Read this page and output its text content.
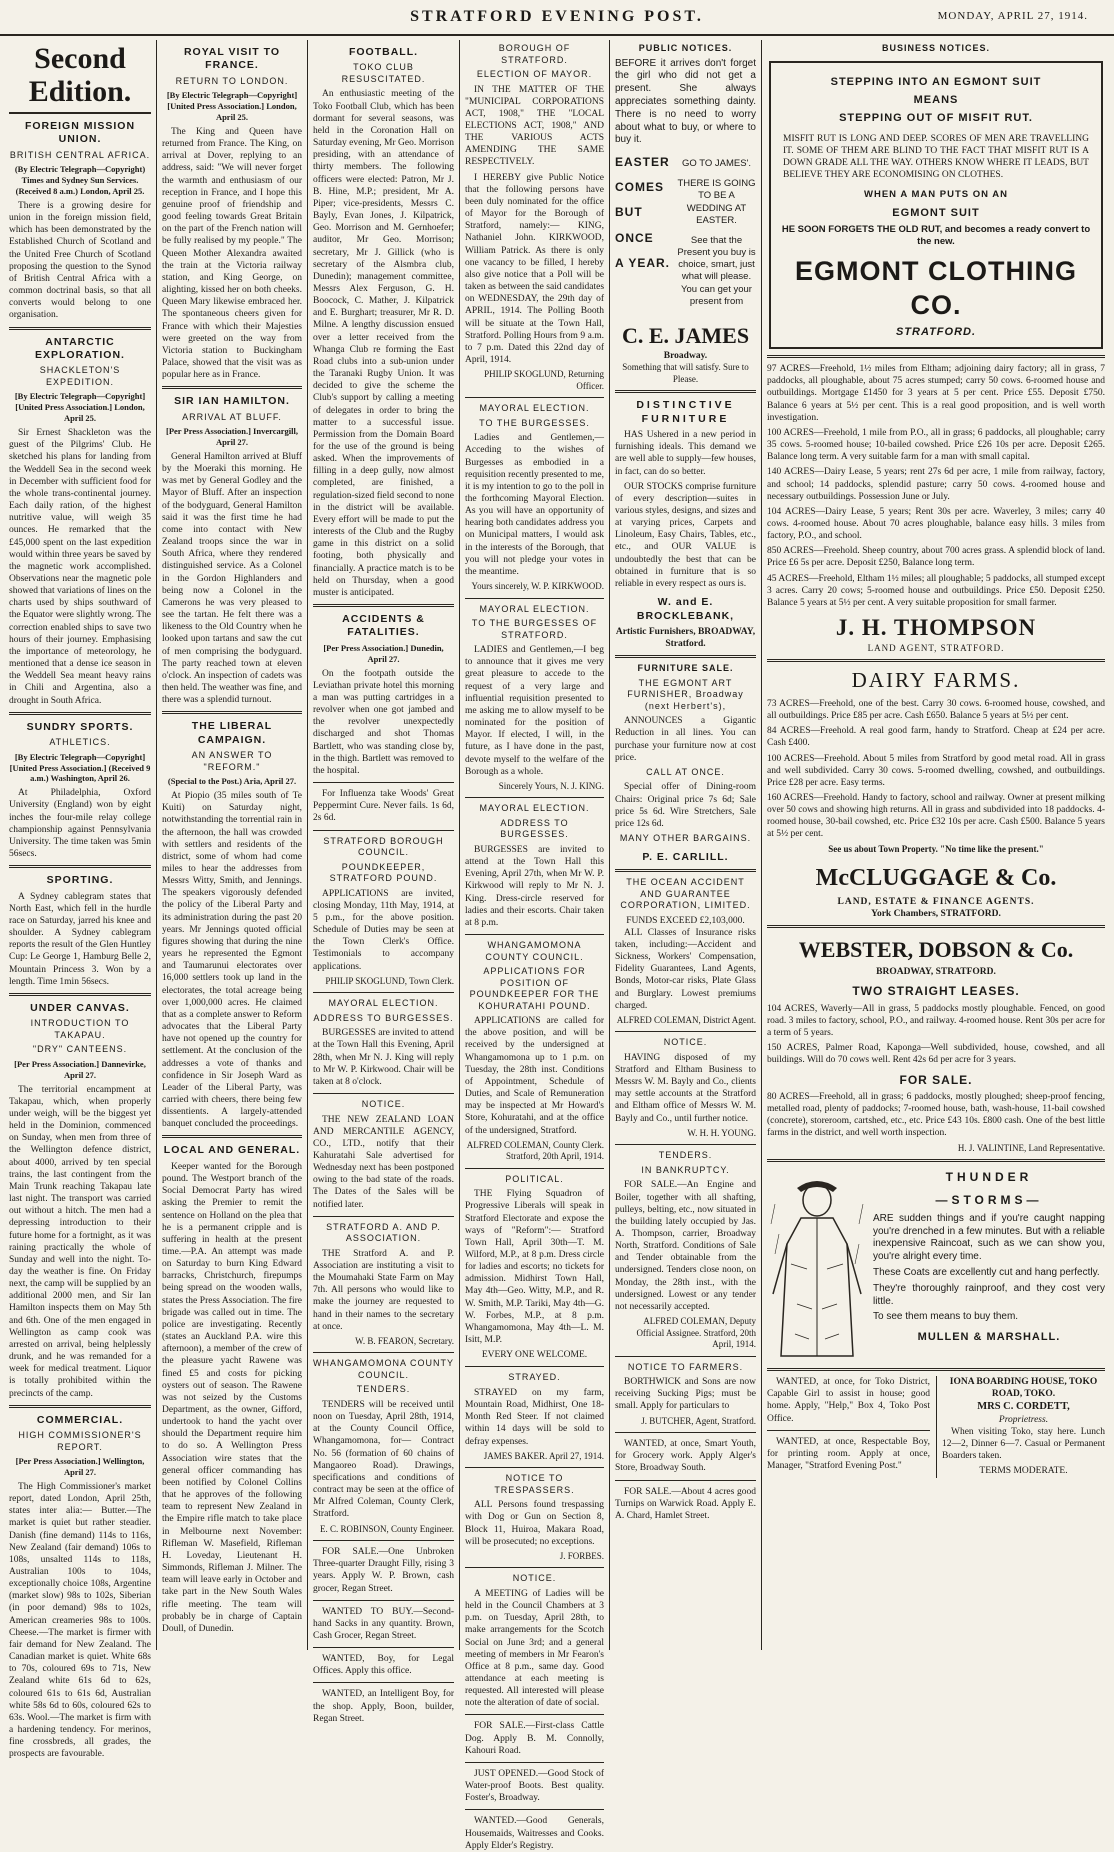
STRATFORD EVENING POST.	MONDAY, APRIL 27, 1914.
Second Edition.
FOREIGN MISSION UNION.
BRITISH CENTRAL AFRICA.
(By Electric Telegraph—Copyright) Times and Sydney Sun Services. (Received 8 a.m.) London, April 25.

There is a growing desire for union in the foreign mission field, which has been demonstrated by the Established Church of Scotland and the United Free Church of Scotland proposing the question to the Synod of British Central Africa with a common doctrinal basis, so that all converts would belong to one organisation.

ANTARCTIC EXPLORATION.
SHACKLETON'S EXPEDITION.
[By Electric Telegraph—Copyright] [United Press Association.] London, April 25.

Sir Ernest Shackleton was the guest of the Pilgrims' Club. He sketched his plans for landing from the Weddell Sea in the second week in December with sufficient food for the whole trans-continental journey. Each daily ration, of the highest nutritive value, will weigh 35 ounces. He remarked that the £45,000 spent on the last expedition would within three years be saved by the magnetic work accomplished. Observations near the magnetic pole showed that variations of lines on the charts used by ships southward of the Equator were slightly wrong. The correction enabled ships to save two hours of their journey. Emphasising the importance of meteorology, he mentioned that a dense ice season in the Weddell Sea meant heavy rains in Chili and Argentina, also a drought in South Africa.

SUNDRY SPORTS.
ATHLETICS.
[By Electric Telegraph—Copyright] [United Press Association.] (Received 9 a.m.) Washington, April 26.

At Philadelphia, Oxford University (England) won by eight inches the four-mile relay college championship against Pennsylvania University. The time taken was 5min 56secs.

SPORTING.

A Sydney cablegram states that North East, which fell in the hurdle race on Saturday, jarred his knee and shoulder. A Sydney cablegram reports the result of the Glen Huntley Cup: Le George 1, Hamburg Belle 2, Mountain Princess 3. Won by a length. Time 1min 56secs.

UNDER CANVAS.
INTRODUCTION TO TAKAPAU.
"DRY" CANTEENS.
[Per Press Association.] Dannevirke, April 27.

The territorial encampment at Takapau, which, when properly under weigh, will be the biggest yet held in the Dominion, commenced on Sunday, when men from three of the Wellington defence district, about 4000, arrived by ten special trains, the last contingent from the Main Trunk reaching Takapau late last night. The transport was carried out without a hitch. The men had a depressing introduction to their future home for a fortnight, as it was raining practically the whole of Sunday and well into the night. To-day the weather is fine. On Friday next, the camp will be supplied by an additional 2000 men, and Sir Ian Hamilton inspects them on May 5th and 6th. One of the men engaged in Wellington as camp cook was arrested on arrival, being helplessly drunk, and he was remanded for a week for medical treatment. Liquor is totally prohibited within the precincts of the camp.

COMMERCIAL.
HIGH COMMISSIONER'S REPORT.
[Per Press Association.] Wellington, April 27.

The High Commissioner's market report, dated London, April 25th, states inter alia:— Butter.—The market is quiet but rather steadier. Danish (fine demand) 114s to 116s, New Zealand (fair demand) 106s to 108s, unsalted 114s to 118s, Australian 100s to 104s, exceptionally choice 108s, Argentine (market slow) 98s to 102s, Siberian (in poor demand) 98s to 102s, American creameries 98s to 100s. Cheese.—The market is firmer with fair demand for New Zealand. The Canadian market is quiet. White 68s to 70s, coloured 69s to 71s, New Zealand white 61s 6d to 62s, coloured 61s to 61s 6d, Australian white 58s 6d to 60s, coloured 62s to 63s. Wool.—The market is firm with a hardening tendency. For merinos, fine crossbreds, all grades, the prospects are favourable.

ROYAL VISIT TO FRANCE.
RETURN TO LONDON.
[By Electric Telegraph—Copyright] [United Press Association.] London, April 25.

The King and Queen have returned from France. The King, on arrival at Dover, replying to an address, said: "We will never forget the warmth and enthusiasm of our reception in France, and I hope this genuine proof of friendship and good feeling towards Great Britain on the part of the French nation will be fully realised by my people." The Queen Mother Alexandra awaited the train at the Victoria railway station, and King George, on alighting, kissed her on both cheeks. Queen Mary likewise embraced her. The spontaneous cheers given for France with which their Majesties were greeted on the way from Victoria station to Buckingham Palace, showed that the visit was as popular here as in France.

SIR IAN HAMILTON.
ARRIVAL AT BLUFF.
[Per Press Association.] Invercargill, April 27.

General Hamilton arrived at Bluff by the Moeraki this morning. He was met by General Godley and the Mayor of Bluff. After an inspection of the bodyguard, General Hamilton said it was the first time he had come into contact with New Zealand troops since the war in South Africa, where they rendered distinguished service. As a Colonel in the Gordon Highlanders and being now a Colonel in the Camerons he was very pleased to see the tartan. He felt there was a likeness to the Old Country when he looked upon tartans and saw the cut of men comprising the bodyguard. The party reached town at eleven o'clock. An inspection of cadets was then held. The weather was fine, and there was a splendid turnout.

THE LIBERAL CAMPAIGN.
AN ANSWER TO "REFORM."
(Special to the Post.) Aria, April 27.

At Piopio (35 miles south of Te Kuiti) on Saturday night, notwithstanding the torrential rain in the afternoon, the hall was crowded with settlers and residents of the district, some of whom had come miles to hear the addresses from Messrs Witty, Smith, and Jennings. The speakers vigorously defended the policy of the Liberal Party and its administration during the past 20 years. Mr Jennings quoted official figures showing that during the nine years he represented the Egmont and Taumarunui electorates over 16,000 settlers took up land in the electorates, the total acreage being over 1,000,000 acres. He claimed that as a complete answer to Reform advocates that the Liberal Party have not opened up the country for settlement. At the conclusion of the addresses a vote of thanks and confidence in Sir Joseph Ward as Leader of the Liberal Party, was carried with cheers, there being few dissentients. A largely-attended banquet concluded the proceedings.

LOCAL AND GENERAL.

Keeper wanted for the Borough pound. The Westport branch of the Social Democrat Party has wired asking the Premier to remit the sentence on Holland on the plea that he is a permanent cripple and is suffering in health at the present time.—P.A. An attempt was made on Saturday to burn King Edward barracks, Christchurch, firepumps being spread on the wooden walls, states the Press Association. The fire brigade was called out in time. The police are investigating. Recently (states an Auckland P.A. wire this afternoon), a member of the crew of the pleasure yacht Rawene was fined £5 and costs for picking oysters out of season. The Rawene was not seized by the Customs Department, as the owner, Gifford, undertook to hand the yacht over should the Department require him to do so. A Wellington Press Association wire states that the general officer commanding has been notified by Colonel Collins that he approves of the following team to represent New Zealand in the Empire rifle match to take place in Melbourne next November: Rifleman W. Masefield, Rifleman H. Loveday, Lieutenant H. Simmonds, Rifleman J. Milner. The team will leave early in October and take part in the New South Wales rifle meeting. The team will probably be in charge of Captain Doull, of Dunedin.

FOOTBALL.
TOKO CLUB RESUSCITATED.

An enthusiastic meeting of the Toko Football Club, which has been dormant for several seasons, was held in the Coronation Hall on Saturday evening, Mr Geo. Morrison presiding, with an attendance of thirty members. The following officers were elected: Patron, Mr J. B. Hine, M.P.; president, Mr A. Piper; vice-presidents, Messrs C. Bayly, Evan Jones, J. Kilpatrick, Geo. Morrison and M. Gernhoefer; auditor, Mr Geo. Morrison; secretary, Mr J. Gillick (who is secretary of the Alsmbra club, Dunedin); management committee, Messrs Alex Ferguson, G. H. Boocock, C. Mather, J. Kilpatrick and E. Burghart; treasurer, Mr R. D. Milne. A lengthy discussion ensued over a letter received from the Whanga Club re forming the East Road clubs into a sub-union under the Taranaki Rugby Union. It was decided to give the scheme the Club's support by calling a meeting of delegates in order to bring the matter to a successful issue. Permission from the Domain Board for the use of the ground is being asked. When the improvements of filling in a deep gully, now almost completed, are finished, a regulation-sized field second to none in the district will be available. Every effort will be made to put the interests of the Club and the Rugby game in this district on a solid footing, both physically and financially. A practice match is to be held on Thursday, when a good muster is anticipated.

ACCIDENTS & FATALITIES.
[Per Press Association.] Dunedin, April 27.

On the footpath outside the Leviathan private hotel this morning a man was putting cartridges in a revolver when one got jambed and the revolver unexpectedly discharged and shot Thomas Bartlett, who was standing close by, in the thigh. Bartlett was removed to the hospital.

For Influenza take Woods' Great Peppermint Cure. Never fails. 1s 6d, 2s 6d.

STRATFORD BOROUGH COUNCIL.
POUNDKEEPER, STRATFORD POUND.

APPLICATIONS are invited, closing Monday, 11th May, 1914, at 5 p.m., for the above position. Schedule of Duties may be seen at the Town Clerk's Office. Testimonials to accompany applications.

PHILIP SKOGLUND, Town Clerk.
MAYORAL ELECTION.
ADDRESS TO BURGESSES.

BURGESSES are invited to attend at the Town Hall this Evening, April 28th, when Mr N. J. King will reply to Mr W. P. Kirkwood. Chair will be taken at 8 o'clock.

NOTICE.

THE NEW ZEALAND LOAN AND MERCANTILE AGENCY, CO., LTD., notify that their Kahuratahi Sale advertised for Wednesday next has been postponed owing to the bad state of the roads. The Dates of the Sales will be notified later.

STRATFORD A. AND P. ASSOCIATION.

THE Stratford A. and P. Association are instituting a visit to the Moumahaki State Farm on May 7th. All persons who would like to make the journey are requested to hand in their names to the secretary at once.

W. B. FEARON, Secretary.
WHANGAMOMONA COUNTY COUNCIL.
TENDERS.

TENDERS will be received until noon on Tuesday, April 28th, 1914, at the County Council Office, Whangamomona, for— Contract No. 56 (formation of 60 chains of Mangaoreo Road). Drawings, specifications and conditions of contract may be seen at the office of Mr Alfred Coleman, County Clerk, Stratford.

E. C. ROBINSON, County Engineer.

FOR SALE.—One Unbroken Three-quarter Draught Filly, rising 3 years. Apply W. P. Brown, cash grocer, Regan Street.

WANTED TO BUY.—Second-hand Sacks in any quantity. Brown, Cash Grocer, Regan Street.

WANTED, Boy, for Legal Offices. Apply this office.

WANTED, an Intelligent Boy, for the shop. Apply, Boon, builder, Regan Street.

BOROUGH OF STRATFORD.
ELECTION OF MAYOR.

IN THE MATTER OF THE "MUNICIPAL CORPORATIONS ACT, 1908," THE "LOCAL ELECTIONS ACT, 1908," AND THE VARIOUS ACTS AMENDING THE SAME RESPECTIVELY.

I HEREBY give Public Notice that the following persons have been duly nominated for the office of Mayor for the Borough of Stratford, namely:— KING, Nathaniel John. KIRKWOOD, William Patrick. As there is only one vacancy to be filled, I hereby also give notice that a Poll will be taken as between the said candidates on WEDNESDAY, the 29th day of APRIL, 1914. The Polling Booth will be situate at the Town Hall, Stratford. Polling Hours from 9 a.m. to 7 p.m. Dated this 22nd day of April, 1914.

PHILIP SKOGLUND, Returning Officer.
MAYORAL ELECTION.
TO THE BURGESSES.

Ladies and Gentlemen,— Acceding to the wishes of Burgesses as embodied in a requisition recently presented to me, it is my intention to go to the poll in the forthcoming Mayoral Election. As you will have an opportunity of hearing both candidates address you on Municipal matters, I would ask in the interests of the Borough, that you will not pledge your votes in the meantime.

Yours sincerely, W. P. KIRKWOOD.
MAYORAL ELECTION.
TO THE BURGESSES OF STRATFORD.

LADIES and Gentlemen,—I beg to announce that it gives me very great pleasure to accede to the request of a very large and influential requisition presented to me asking me to allow myself to be nominated for the position of Mayor. If elected, I will, in the future, as I have done in the past, devote myself to the welfare of the Borough as a whole.

Sincerely Yours, N. J. KING.
MAYORAL ELECTION.
ADDRESS TO BURGESSES.

BURGESSES are invited to attend at the Town Hall this Evening, April 27th, when Mr W. P. Kirkwood will reply to Mr N. J. King. Dress-circle reserved for ladies and their escorts. Chair taken at 8 p.m.

WHANGAMOMONA COUNTY COUNCIL.
APPLICATIONS FOR POSITION OF POUNDKEEPER FOR THE KOHURATAHI POUND.

APPLICATIONS are called for the above position, and will be received by the undersigned at Whangamomona up to 1 p.m. on Tuesday, the 28th inst. Conditions of Appointment, Schedule of Duties, and Scale of Remuneration may be inspected at Mr Howard's Store, Kohuratahi, and at the office of the undersigned, Stratford.

ALFRED COLEMAN, County Clerk. Stratford, 20th April, 1914.
POLITICAL.

THE Flying Squadron of Progressive Liberals will speak in Stratford Electorate and expose the ways of "Reform":— Stratford Town Hall, April 30th—T. M. Wilford, M.P., at 8 p.m. Dress circle for ladies and escorts; no tickets for admission. Midhirst Town Hall, May 4th—Geo. Witty, M.P., and R. W. Smith, M.P. Tariki, May 4th—G. W. Forbes, M.P., at 8 p.m. Whangamomona, May 4th—L. M. Isitt, M.P.

EVERY ONE WELCOME.
STRAYED.

STRAYED on my farm, Mountain Road, Midhirst, One 18-Month Red Steer. If not claimed within 14 days will be sold to defray expenses.

JAMES BAKER. April 27, 1914.
NOTICE TO TRESPASSERS.

ALL Persons found trespassing with Dog or Gun on Section 8, Block 11, Huiroa, Makara Road, will be prosecuted; no exceptions.

J. FORBES.
NOTICE.

A MEETING of Ladies will be held in the Council Chambers at 3 p.m. on Tuesday, April 28th, to make arrangements for the Scotch Social on June 3rd; and a general meeting of members in Mr Fearon's Office at 8 p.m., same day. Good attendance at each meeting is requested. All interested will please note the alteration of date of social.

FOR SALE.—First-class Cattle Dog. Apply B. M. Connolly, Kahouri Road.

JUST OPENED.—Good Stock of Water-proof Boots. Best quality. Foster's, Broadway.

WANTED.—Good Generals, Housemaids, Waitresses and Cooks. Apply Elder's Registry.

PUBLIC NOTICES.

BEFORE it arrives don't forget the girl who did not get a present. She always appreciates something dainty. There is no need to worry about what to buy, or where to buy it.

EASTER
COMES
BUT
ONCE
A YEAR.
GO TO JAMES'.
THERE IS GOING TO BE A WEDDING AT EASTER.
See that the Present you buy is choice, smart, just what will please. You can get your present from
C. E. JAMES
Broadway.
Something that will satisfy. Sure to Please.
DISTINCTIVE FURNITURE

HAS Ushered in a new period in furnishing ideals. This demand we are well able to supply—few houses, in fact, can do so better.

OUR STOCKS comprise furniture of every description—suites in various styles, designs, and sizes and at varying prices, Carpets and Linoleum, Easy Chairs, Tables, etc., etc., and OUR VALUE is undoubtedly the best that can be obtained in furniture that is so reliable in every respect as ours is.

W. and E. BROCKLEBANK,
Artistic Furnishers, BROADWAY, Stratford.
FURNITURE SALE.
THE EGMONT ART FURNISHER, Broadway (next Herbert's),

ANNOUNCES a Gigantic Reduction in all lines. You can purchase your furniture now at cost price.

CALL AT ONCE.

Special offer of Dining-room Chairs: Original price 7s 6d; Sale price 5s 6d. Wire Stretchers, Sale price 12s 6d.

MANY OTHER BARGAINS.
P. E. CARLILL.
THE OCEAN ACCIDENT AND GUARANTEE CORPORATION, LIMITED.
FUNDS EXCEED £2,103,000.

ALL Classes of Insurance risks taken, including:—Accident and Sickness, Workers' Compensation, Fidelity Guarantees, Land Agents, Bonds, Motor-car risks, Plate Glass and Burglary. Lowest premiums charged.

ALFRED COLEMAN, District Agent.
NOTICE.

HAVING disposed of my Stratford and Eltham Business to Messrs W. M. Bayly and Co., clients may settle accounts at the Stratford and Eltham office of Messrs W. M. Bayly and Co., until further notice.

W. H. H. YOUNG.
TENDERS.
IN BANKRUPTCY.

FOR SALE.—An Engine and Boiler, together with all shafting, pulleys, belting, etc., now situated in the building lately occupied by Jas. A. Thompson, carrier, Broadway North, Stratford. Conditions of Sale and Tender obtainable from the undersigned. Tenders close noon, on Monday, the 28th inst., with the undersigned. Lowest or any tender not necessarily accepted.

ALFRED COLEMAN, Deputy Official Assignee. Stratford, 20th April, 1914.
NOTICE TO FARMERS.

BORTHWICK and Sons are now receiving Sucking Pigs; must be small. Apply for particulars to

J. BUTCHER, Agent, Stratford.

WANTED, at once, Smart Youth, for Grocery work. Apply Alger's Store, Broadway South.

FOR SALE.—About 4 acres good Turnips on Warwick Road. Apply E. A. Chard, Hamlet Street.

BUSINESS NOTICES.
STEPPING INTO AN EGMONT SUIT
MEANS
STEPPING OUT OF MISFIT RUT.
MISFIT RUT IS LONG AND DEEP. SCORES OF MEN ARE TRAVELLING IT. SOME OF THEM ARE BLIND TO THE FACT THAT MISFIT RUT IS A DOWN GRADE ALL THE WAY. OTHERS KNOW WHERE IT LEADS, BUT BELIEVE THEY ARE ECONOMISING ON CLOTHES.
WHEN A MAN PUTS ON AN
EGMONT SUIT
HE SOON FORGETS THE OLD RUT, and becomes a ready convert to the new.
EGMONT CLOTHING CO.
STRATFORD.

97 ACRES—Freehold, 1½ miles from Eltham; adjoining dairy factory; all in grass, 7 paddocks, all ploughable, about 75 acres stumped; carry 50 cows. 6-roomed house and outbuildings. Mortgage £1450 for 3 years at 5 per cent. Price £55. Deposit £750. Balance 6 years at 5½ per cent. This is a real good proposition, and is well worth investigation.

100 ACRES—Freehold, 1 mile from P.O., all in grass; 6 paddocks, all ploughable; carry 35 cows. 5-roomed house; 10-bailed cowshed. Price £26 10s per acre. Deposit £265. Balance long term. A very suitable farm for a man with small capital.

140 ACRES—Dairy Lease, 5 years; rent 27s 6d per acre, 1 mile from railway, factory, and school; 14 paddocks, splendid pasture; carry 50 cows. 4-roomed house and necessary outbuildings. Possession June or July.

104 ACRES—Dairy Lease, 5 years; Rent 30s per acre. Waverley, 3 miles; carry 40 cows. 4-roomed house. About 70 acres ploughable, balance easy hills. 3 miles from factory, P.O., and school.

850 ACRES—Freehold. Sheep country, about 700 acres grass. A splendid block of land. Price £6 5s per acre. Deposit £250, Balance long term.

45 ACRES—Freehold, Eltham 1½ miles; all ploughable; 5 paddocks, all stumped except 3 acres. Carry 20 cows; 5-roomed house and outbuildings. Price £50. Deposit £250. Balance 5 years at 5½ per cent. A very suitable proposition for small farmer.

J. H. THOMPSON
LAND AGENT, STRATFORD.
DAIRY FARMS.

73 ACRES—Freehold, one of the best. Carry 30 cows. 6-roomed house, cowshed, and all outbuildings. Price £85 per acre. Cash £650. Balance 5 years at 5½ per cent.

84 ACRES—Freehold. A real good farm, handy to Stratford. Cheap at £24 per acre. Cash £400.

100 ACRES—Freehold. About 5 miles from Stratford by good metal road. All in grass and well subdivided. Carry 30 cows. 5-roomed dwelling, cowshed, and outbuildings. Price £28 per acre. Easy terms.

160 ACRES—Freehold. Handy to factory, school and railway. Owner at present milking over 50 cows and showing high returns. All in grass and subdivided into 18 paddocks. 4-roomed house, 30-bail cowshed, etc. Price £32 10s per acre. Cash £500. Balance 5 years at 5½ per cent.

See us about Town Property. "No time like the present."
McCLUGGAGE & Co.
LAND, ESTATE & FINANCE AGENTS.
York Chambers, STRATFORD.
WEBSTER, DOBSON & Co.
BROADWAY, STRATFORD.
TWO STRAIGHT LEASES.

104 ACRES, Waverly—All in grass, 5 paddocks mostly ploughable. Fenced, on good road. 3 miles to factory, school, P.O., and railway. 4-roomed house. Rent 30s per acre for a term of 5 years.

150 ACRES, Palmer Road, Kaponga—Well subdivided, house, cowshed, and all buildings. Will do 70 cows well. Rent 42s 6d per acre for 3 years.

FOR SALE.

80 ACRES—Freehold, all in grass; 6 paddocks, mostly ploughed; sheep-proof fencing, metalled road, plenty of paddocks; 7-roomed house, bath, wash-house, 11-bail cowshed (concrete), storeroom, cartshed, etc., etc. Price £43 10s. £800 cash. One of the best little farms in the district, and well worth inspection.

H. J. VALINTINE, Land Representative.
THUNDER
—STORMS—

ARE sudden things and if you're caught napping you're drenched in a few minutes. But with a reliable inexpensive Raincoat, such as we can show you, you're alright every time.

These Coats are excellently cut and hang perfectly.

They're thoroughly rainproof, and they cost very little.

To see them means to buy them.

MULLEN & MARSHALL.

WANTED, at once, for Toko District, Capable Girl to assist in house; good home. Apply, "Help," Box 4, Toko Post Office.

WANTED, at once, Respectable Boy, for printing room. Apply at once, Manager, "Stratford Evening Post."

IONA BOARDING HOUSE, TOKO ROAD, TOKO.
MRS C. CORDETT,
Proprietress.

When visiting Toko, stay here. Lunch 12—2, Dinner 6—7. Casual or Permanent Boarders taken.

TERMS MODERATE.
